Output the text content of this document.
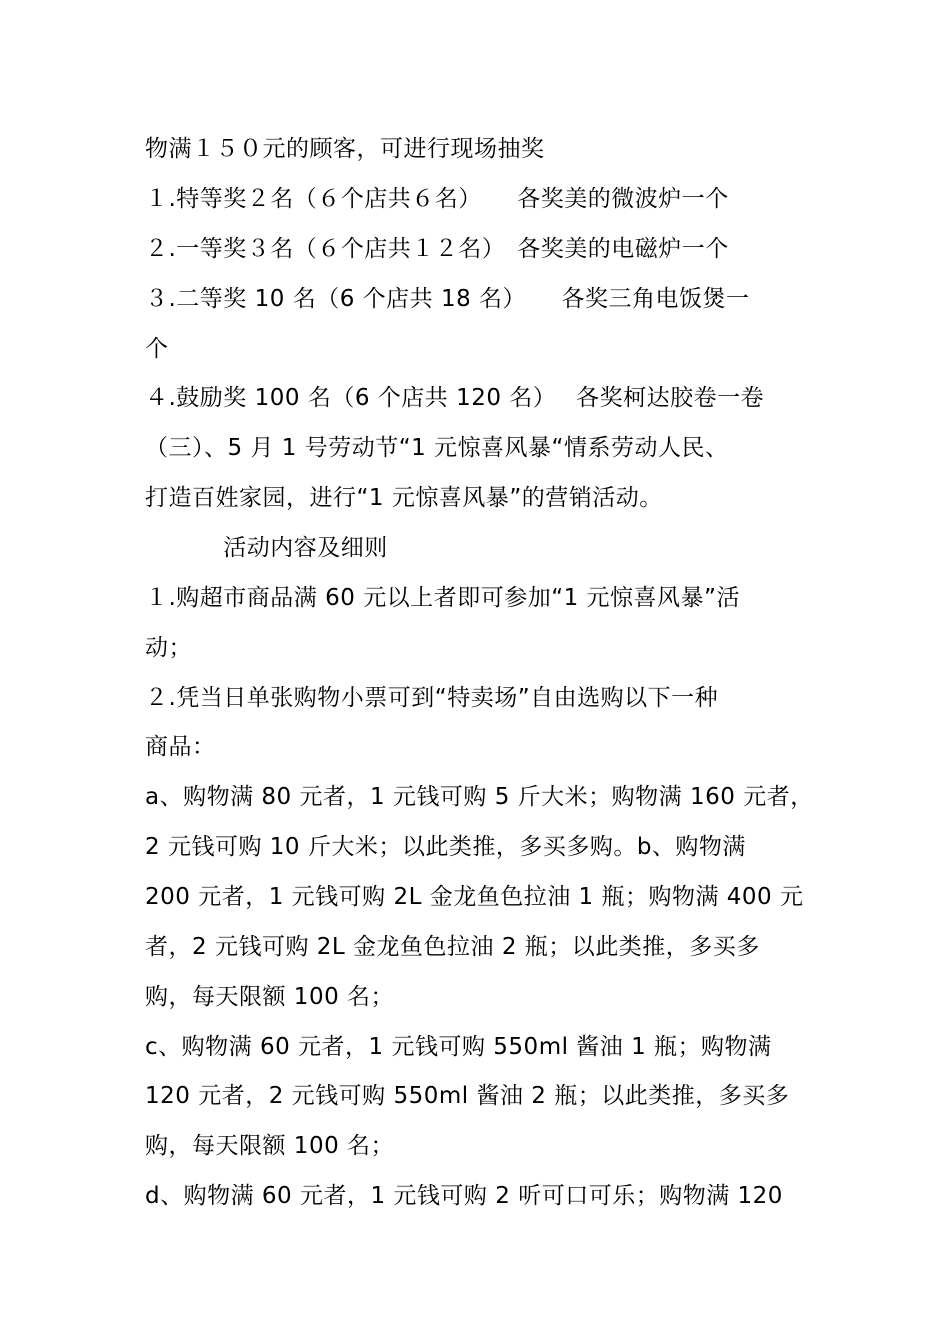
物满１５０元的顾客，可进行现场抽奖
１.特等奖２名（６个店共６名）　　各奖美的微波炉一个
２.一等奖３名（６个店共１２名）　各奖美的电磁炉一个
３.二等奖 10 名（6 个店共 18 名）　　各奖三角电饭煲一
个
４.鼓励奖 100 名（6 个店共 120 名）　 各奖柯达胶卷一卷
（三）、5 月 1 号劳动节“1 元惊喜风暴“情系劳动人民、
打造百姓家园，进行“1 元惊喜风暴”的营销活动。
　　　 活动内容及细则
１.购超市商品满 60 元以上者即可参加“1 元惊喜风暴”活
动；
２.凭当日单张购物小票可到“特卖场”自由选购以下一种
商品：
a、购物满 80 元者，1 元钱可购 5 斤大米；购物满 160 元者，
2 元钱可购 10 斤大米；以此类推，多买多购。b、购物满
200 元者，1 元钱可购 2L 金龙鱼色拉油 1 瓶；购物满 400 元
者，2 元钱可购 2L 金龙鱼色拉油 2 瓶；以此类推，多买多
购，每天限额 100 名；
c、购物满 60 元者，1 元钱可购 550ml 酱油 1 瓶；购物满
120 元者，2 元钱可购 550ml 酱油 2 瓶；以此类推，多买多
购，每天限额 100 名；
d、购物满 60 元者，1 元钱可购 2 听可口可乐；购物满 120
